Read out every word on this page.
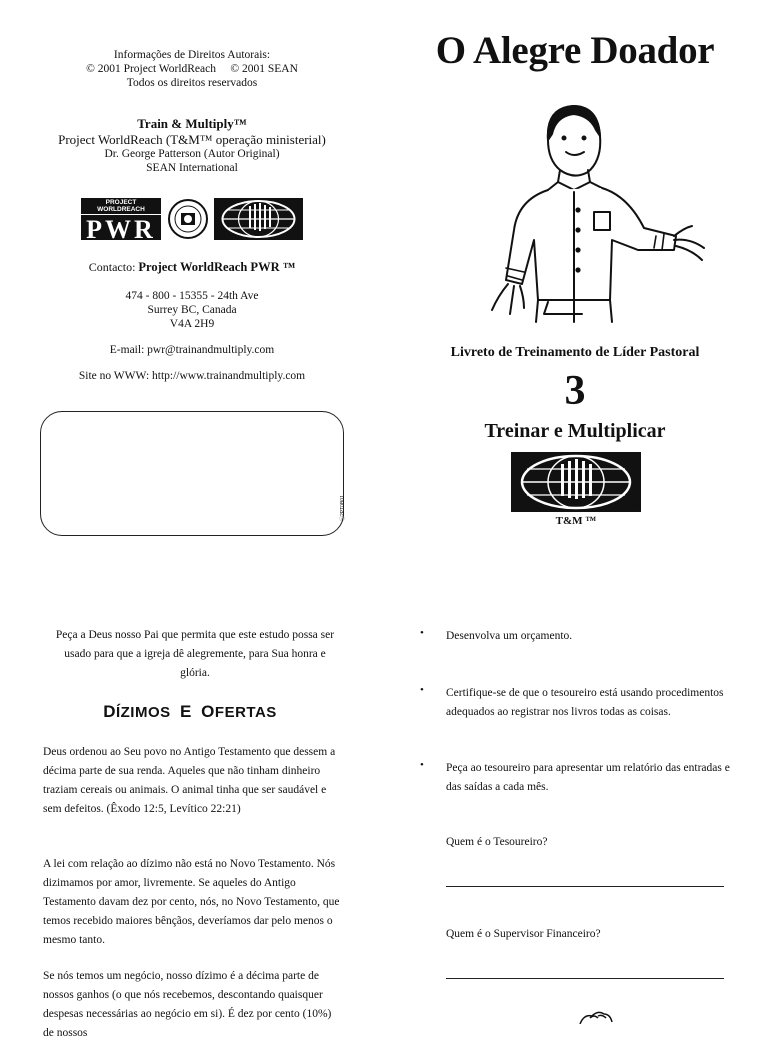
Informações de Direitos Autorais:
© 2001 Project WorldReach © 2001 SEAN
Todos os direitos reservados
Train & Multiply™
Project WorldReach (T&M™ operação ministerial)
Dr. George Patterson (Autor Original)
SEAN International
PROJECT WORLDREACH
PWR
Contacto: Project WorldReach PWR ™
474 - 800 - 15355 - 24th Ave
Surrey BC, Canada
V4A 2H9
E-mail: pwr@trainandmultiply.com
Site no WWW: http://www.trainandmultiply.com
ⓒ2PT0B01
O Alegre Doador
Livreto de Treinamento de Líder Pastoral
3
Treinar e Multiplicar
TM
T&M ™
Peça a Deus nosso Pai que permita que este estudo possa ser usado para que a igreja dê alegremente, para Sua honra e glória.
DÍZIMOS E OFERTAS
Deus ordenou ao Seu povo no Antigo Testamento que dessem a décima parte de sua renda. Aqueles que não tinham dinheiro traziam cereais ou animais. O animal tinha que ser saudável e sem defeitos. (Êxodo 12:5, Levítico 22:21)
A lei com relação ao dízimo não está no Novo Testamento. Nós dizimamos por amor, livremente. Se aqueles do Antigo Testamento davam dez por cento, nós, no Novo Testamento, que temos recebido maiores bênçãos, deveríamos dar pelo menos o mesmo tanto.
Se nós temos um negócio, nosso dízimo é a décima parte de nossos ganhos (o que nós recebemos, descontando quaisquer despesas necessárias ao negócio em si). É dez por cento (10%) de nossos
• Desenvolva um orçamento.
• Certifique-se de que o tesoureiro está usando procedimentos adequados ao registrar nos livros todas as coisas.
• Peça ao tesoureiro para apresentar um relatório das entradas e das saídas a cada mês.
Quem é o Tesoureiro?
Quem é o Supervisor Financeiro?
